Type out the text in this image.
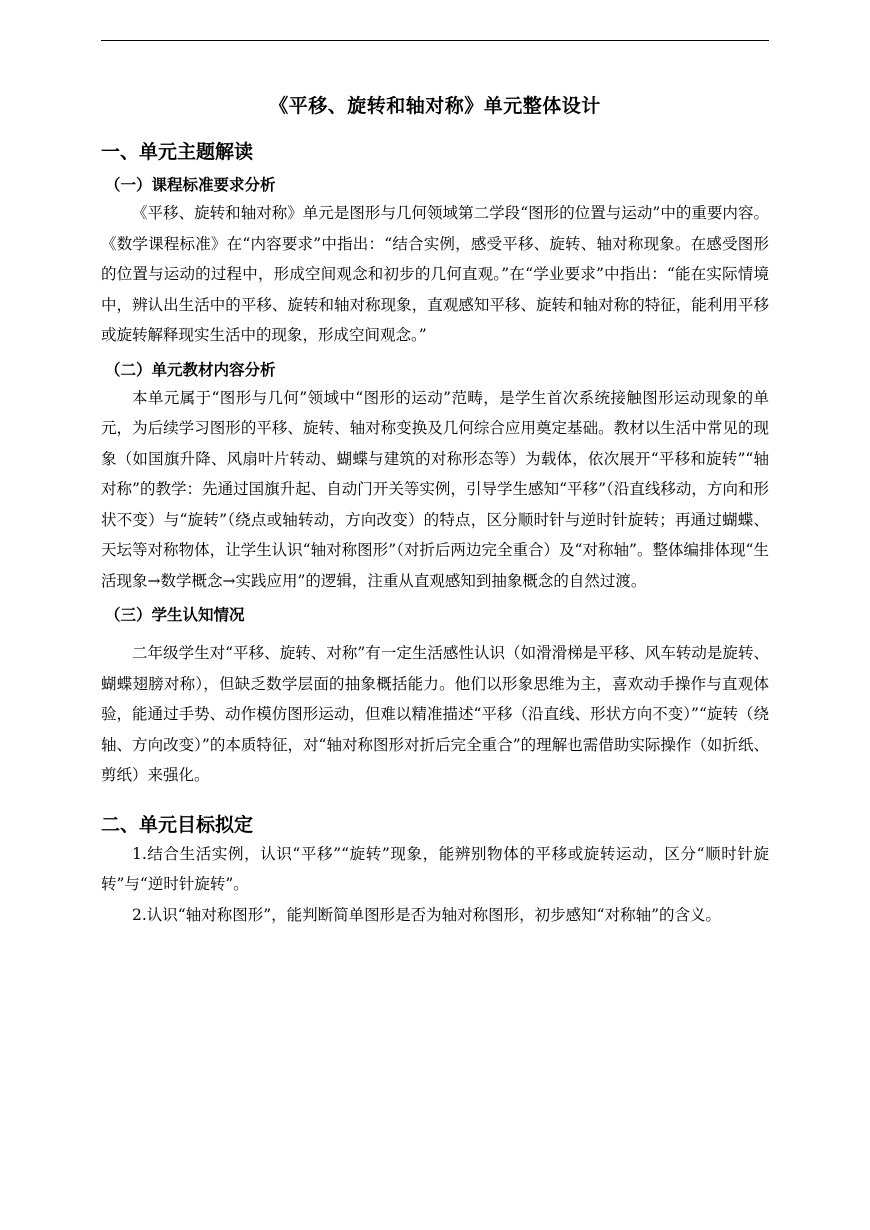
《平移、旋转和轴对称》单元整体设计
一、单元主题解读
（一）课程标准要求分析

《平移、旋转和轴对称》单元是图形与几何领域第二学段“图形的位置与运动”中的重要内容。《数学课程标准》在“内容要求”中指出：“结合实例，感受平移、旋转、轴对称现象。在感受图形的位置与运动的过程中，形成空间观念和初步的几何直观。”在“学业要求”中指出：“能在实际情境中，辨认出生活中的平移、旋转和轴对称现象，直观感知平移、旋转和轴对称的特征，能利用平移或旋转解释现实生活中的现象，形成空间观念。”

（二）单元教材内容分析

本单元属于“图形与几何”领域中“图形的运动”范畴，是学生首次系统接触图形运动现象的单元，为后续学习图形的平移、旋转、轴对称变换及几何综合应用奠定基础。教材以生活中常见的现象（如国旗升降、风扇叶片转动、蝴蝶与建筑的对称形态等）为载体，依次展开“平移和旋转”“轴对称”的教学：先通过国旗升起、自动门开关等实例，引导学生感知“平移”（沿直线移动，方向和形状不变）与“旋转”（绕点或轴转动，方向改变）的特点，区分顺时针与逆时针旋转；再通过蝴蝶、天坛等对称物体，让学生认识“轴对称图形”（对折后两边完全重合）及“对称轴”。整体编排体现“生活现象→数学概念→实践应用”的逻辑，注重从直观感知到抽象概念的自然过渡。

（三）学生认知情况

二年级学生对“平移、旋转、对称”有一定生活感性认识（如滑滑梯是平移、风车转动是旋转、蝴蝶翅膀对称），但缺乏数学层面的抽象概括能力。他们以形象思维为主，喜欢动手操作与直观体验，能通过手势、动作模仿图形运动，但难以精准描述“平移（沿直线、形状方向不变）”“旋转（绕轴、方向改变）”的本质特征，对“轴对称图形对折后完全重合”的理解也需借助实际操作（如折纸、剪纸）来强化。

二、单元目标拟定

1.结合生活实例，认识“平移”“旋转”现象，能辨别物体的平移或旋转运动，区分“顺时针旋转”与“逆时针旋转”。

2.认识“轴对称图形”，能判断简单图形是否为轴对称图形，初步感知“对称轴”的含义。
